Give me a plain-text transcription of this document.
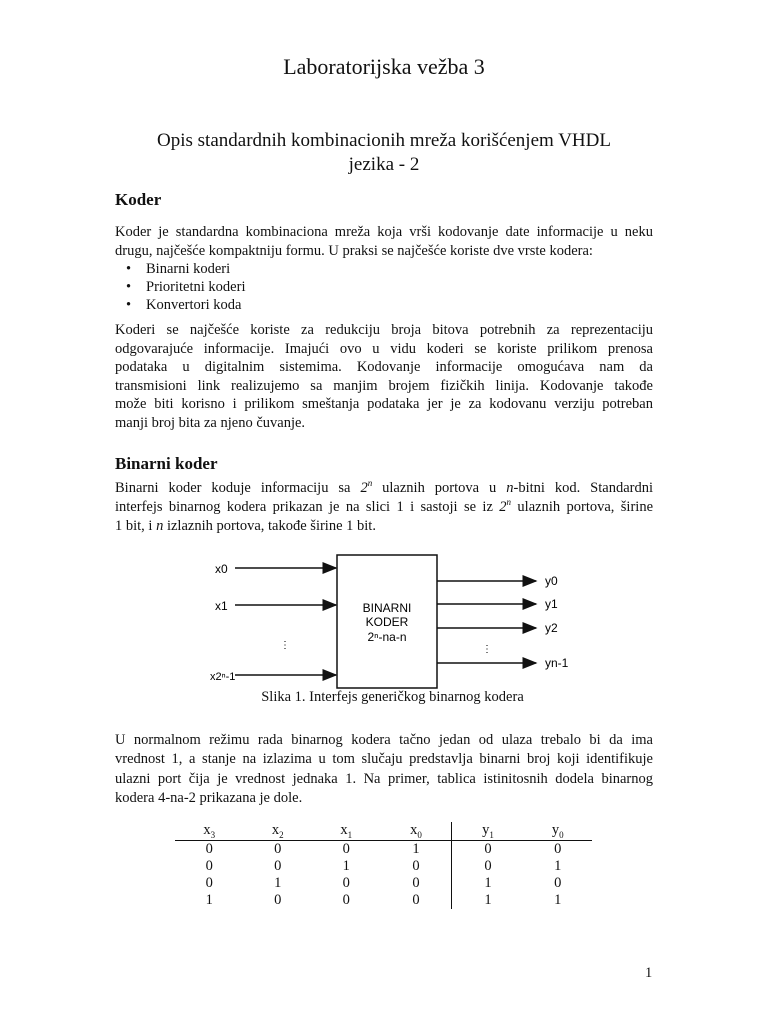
Laboratorijska vežba 3
Opis standardnih kombinacionih mreža korišćenjem VHDL
jezika - 2
Koder
Koder je standardna kombinaciona mreža koja vrši kodovanje date informacije u neku
drugu, najčešće kompaktniju formu. U praksi se najčešće koriste dve vrste kodera:
• Binarni koderi
• Prioritetni koderi
• Konvertori koda
Koderi se najčešće koriste za redukciju broja bitova potrebnih za reprezentaciju
odgovarajuće informacije. Imajući ovo u vidu koderi se koriste prilikom prenosa
podataka u digitalnim sistemima. Kodovanje informacije omogućava nam da
transmisioni link realizujemo sa manjim brojem fizičkih linija. Kodovanje takođe
može biti korisno i prilikom smeštanja podataka jer je za kodovanu verziju potreban
manji broj bita za njeno čuvanje.
Binarni koder
Binarni koder koduje informaciju sa 2$^n$ ulaznih portova u n-bitni kod. Standardni
interfejs binarnog kodera prikazan je na slici 1 i sastoji se iz 2$^n$ ulaznih portova, širine
1 bit, i n izlaznih portova, takođe širine 1 bit.
BINARNI
KODER
2ⁿ-na-n
x0
x1
x2ⁿ-1
⋮
y0
y1
y2
yn-1
⋮
Slika 1. Interfejs generičkog binarnog kodera
U normalnom režimu rada binarnog kodera tačno jedan od ulaza trebalo bi da ima
vrednost 1, a stanje na izlazima u tom slučaju predstavlja binarni broj koji identifikuje
ulazni port čija je vrednost jednaka 1. Na primer, tablica istinitosnih dodela binarnog
kodera 4-na-2 prikazana je dole.
$x_3$	$x_2$	$x_1$	$x_0$	$y_1$	$y_0$
0	0	0	1	0	0
0	0	1	0	0	1
0	1	0	0	1	0
1	0	0	0	1	1
1
